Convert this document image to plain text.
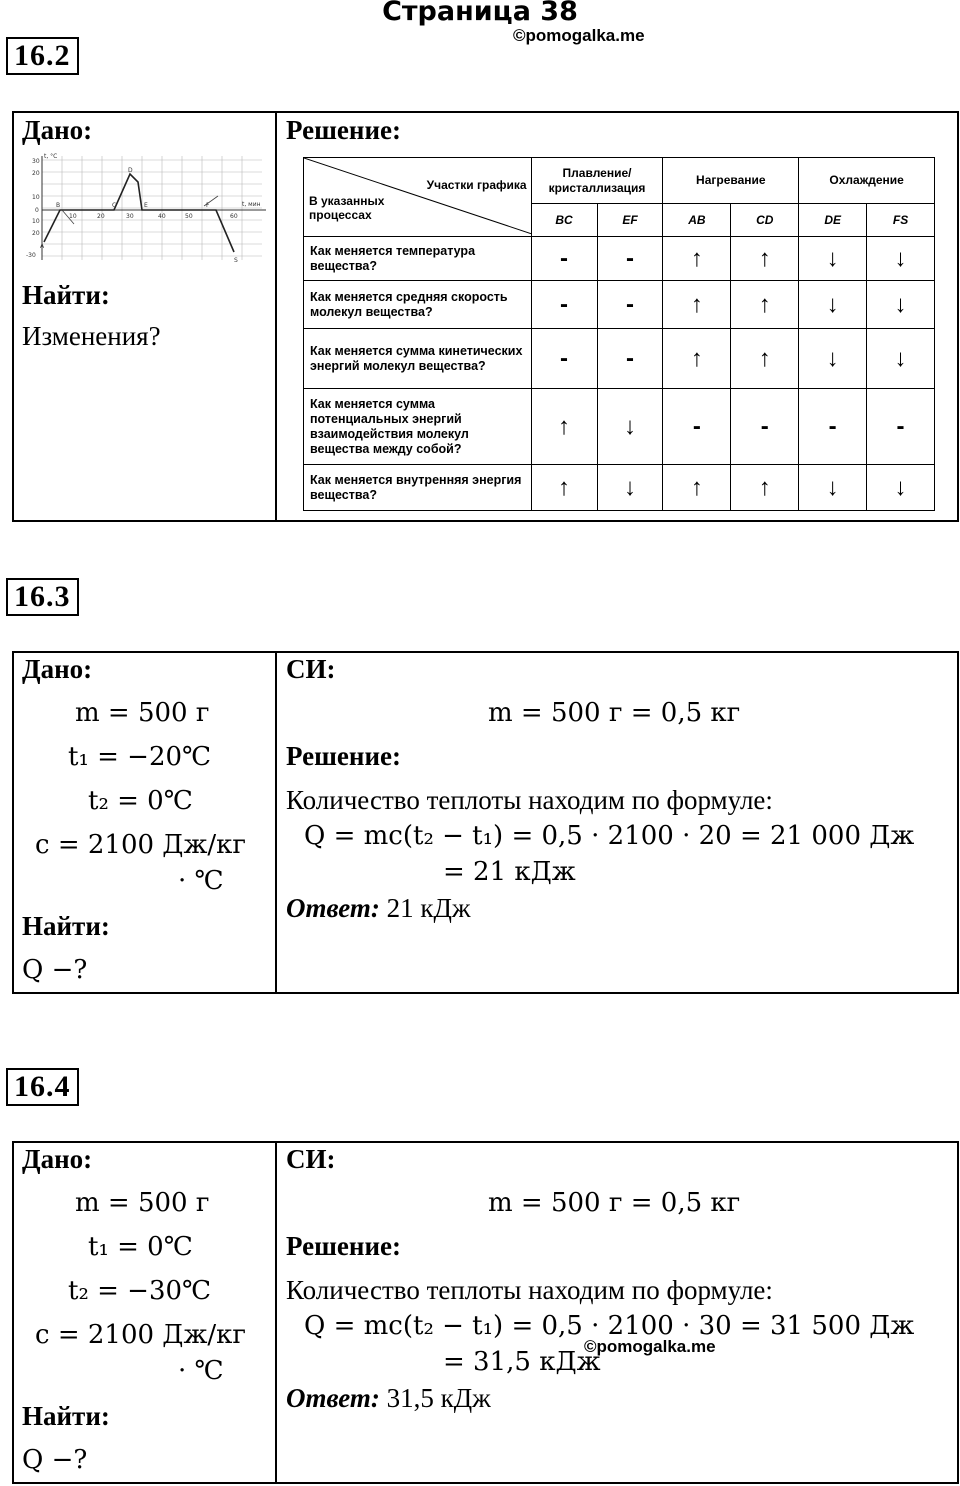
Страница 38
©pomogalka.me
16.2
Дано:
30
20
10
0
10
20
-30
10	20	30	40	50	60
t, °C
t, мин
A
B	C
D
E	F
S
Найти:
Изменения?
Решение:
Участки графика
В указанных процессах	Плавление/ кристаллизация		Нагревание		Охлаждение	
	BC	EF	AB	CD	DE	FS
Как меняется температура вещества?	-	-	↑	↑	↓	↓
Как меняется средняя скорость молекул вещества?	-	-	↑	↑	↓	↓
Как меняется сумма кинетических энергий молекул вещества?	-	-	↑	↑	↓	↓
Как меняется сумма потенциальных энергий взаимодействия молекул вещества между собой?	↑	↓	-	-	-	-
Как меняется внутренняя энергия вещества?	↑	↓	↑	↑	↓	↓
16.3
Дано:
m = 500 г
t₁ = −20℃
t₂ = 0℃
c = 2100 Дж/кг
· ℃
Найти:
Q −?
СИ:
m = 500 г = 0,5 кг
Решение:
Количество теплоты находим по формуле:
Q = mc(t₂ − t₁) = 0,5 · 2100 · 20 = 21 000 Дж
= 21 кДж
Ответ: 21 кДж
16.4
Дано:
m = 500 г
t₁ = 0℃
t₂ = −30℃
c = 2100 Дж/кг
· ℃
Найти:
Q −?
СИ:
m = 500 г = 0,5 кг
Решение:
Количество теплоты находим по формуле:
Q = mc(t₂ − t₁) = 0,5 · 2100 · 30 = 31 500 Дж
= 31,5 кДж
©pomogalka.me
Ответ: 31,5 кДж
